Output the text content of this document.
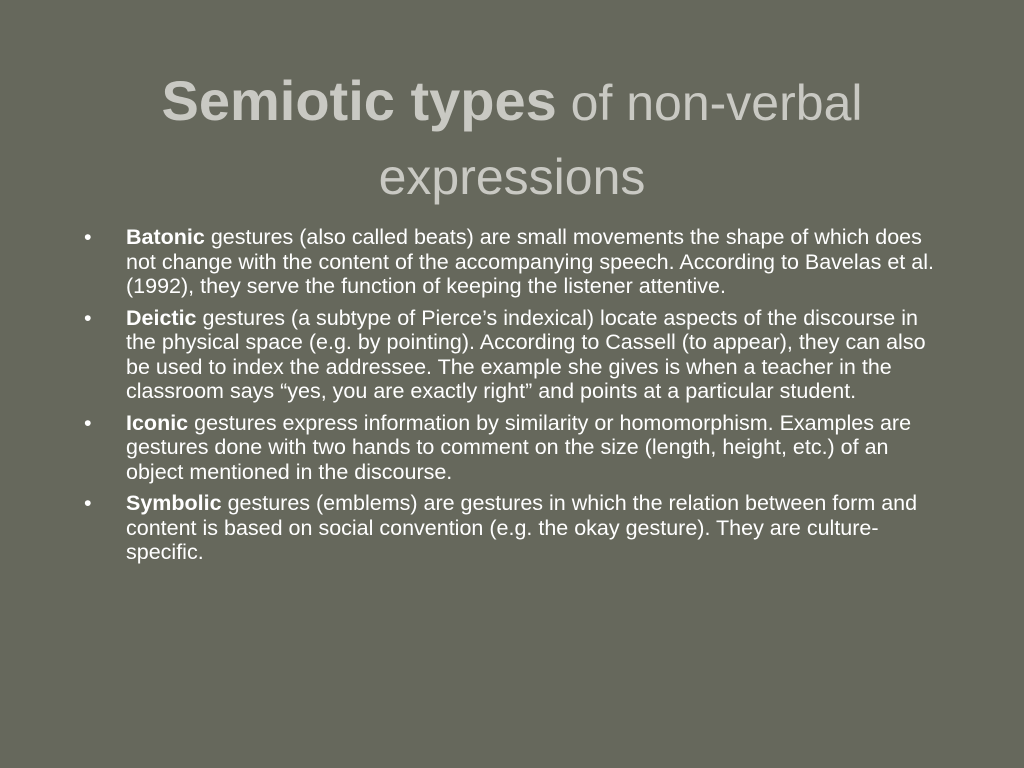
Semiotic types of non-verbal expressions
• Batonic gestures (also called beats) are small movements the shape of which does not change with the content of the accompanying speech. According to Bavelas et al. (1992), they serve the function of keeping the listener attentive.
• Deictic gestures (a subtype of Pierce’s indexical) locate aspects of the discourse in the physical space (e.g. by pointing). According to Cassell (to appear), they can also be used to index the addressee. The example she gives is when a teacher in the classroom says “yes, you are exactly right” and points at a particular student.
• Iconic gestures express information by similarity or homomorphism. Examples are gestures done with two hands to comment on the size (length, height, etc.) of an object mentioned in the discourse.
• Symbolic gestures (emblems) are gestures in which the relation between form and content is based on social convention (e.g. the okay gesture). They are culture-specific.
